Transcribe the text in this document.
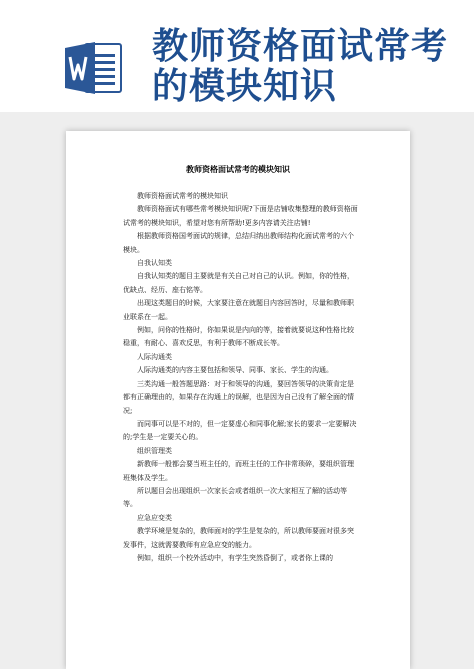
教师资格面试常考的模块知识
教师资格面试常考的模块知识

教师资格面试常考的模块知识

教师资格面试有哪些常考模块知识呢?下面是店铺收集整理的教师资格面试常考的模块知识，希望对您有所帮助!更多内容请关注店铺!

根据教师资格国考面试的规律，总结归纳出教师结构化面试常考的六个模块。

自我认知类

自我认知类的题目主要就是有关自己对自己的认识。例如，你的性格，优缺点、经历、座右铭等。

出现这类题目的时候，大家要注意在就题目内容回答时，尽量和教师职业联系在一起。

例如，问你的性格时，你如果说是内向的等，接着就要说这种性格比较稳重，有耐心、喜欢反思，有利于教师不断成长等。

人际沟通类

人际沟通类的内容主要包括和领导、同事、家长、学生的沟通。

三类沟通一般答题思路：对于和领导的沟通，要回答领导的决策肯定是都有正确理由的，如果存在沟通上的误解，也是因为自己没有了解全面的情况;

而同事可以是不对的，但一定要虚心和同事化解;家长的要求一定要解决的;学生是一定要关心的。

组织管理类

新教师一般都会要当班主任的，而班主任的工作非常琐碎，要组织管理班集体及学生。

所以题目会出现组织一次家长会或者组织一次大家相互了解的活动等等。

应急应变类

教学环境是复杂的，教师面对的学生是复杂的，所以教师要面对很多突发事件，这就需要教师有应急应变的能力。

例如，组织一个校外活动中，有学生突然昏倒了，或者你上课的
